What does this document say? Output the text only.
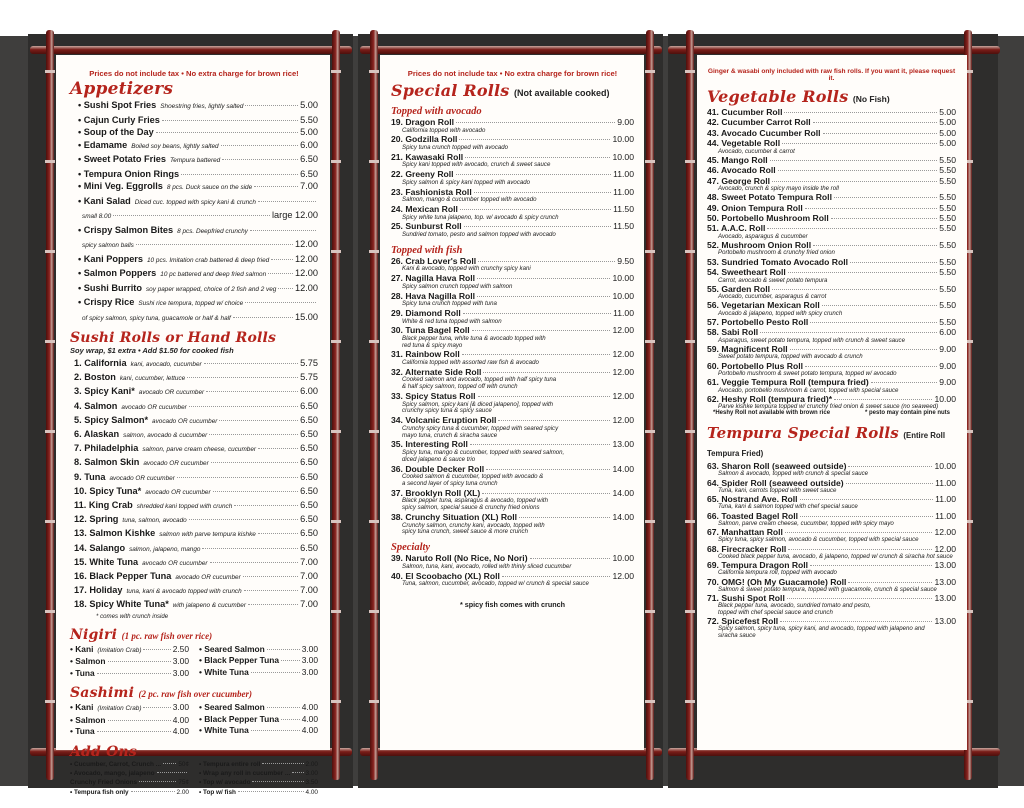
Prices do not include tax • No extra charge for brown rice!
Appetizers
• Sushi Spot Fries Shoestring fries, lightly salted	5.00
• Cajun Curly Fries	5.50
• Soup of the Day	5.00
• Edamame Boiled soy beans, lightly salted	6.00
• Sweet Potato Fries Tempura battered	6.50
• Tempura Onion Rings	6.50
• Mini Veg. Eggrolls 8 pcs. Duck sauce on the side	7.00
• Kani Salad Diced cuc. topped with spicy kani & crunch
small 8.00	large 12.00
• Crispy Salmon Bites 8 pcs. Deepfried crunchy
spicy salmon balls	12.00
• Kani Poppers 10 pcs. Imitation crab battered & deep fried	12.00
• Salmon Poppers 10 pc battered and deep fried salmon	12.00
• Sushi Burrito soy paper wrapped, choice of 2 fish and 2 veg 12.00
• Crispy Rice Sushi rice tempura, topped w/ choice
of spicy salmon, spicy tuna, guacamole or half & half	15.00
Sushi Rolls or Hand Rolls
Soy wrap, $1 extra • Add $1.50 for cooked fish
1. California kani, avocado, cucumber	5.75
2. Boston kani, cucumber, lettuce	5.75
3. Spicy Kani* avocado OR cucumber	6.00
4. Salmon avocado OR cucumber	6.50
5. Spicy Salmon* avocado OR cucumber	6.50
6. Alaskan salmon, avocado & cucumber	6.50
7. Philadelphia salmon, parve cream cheese, cucumber	6.50
8. Salmon Skin avocado OR cucumber	6.50
9. Tuna avocado OR cucumber	6.50
10. Spicy Tuna* avocado OR cucumber	6.50
11. King Crab shredded kani topped with crunch	6.50
12. Spring tuna, salmon, avocado	6.50
13. Salmon Kishke salmon with parve tempura kishke	6.50
14. Salango salmon, jalapeno, mango	6.50
15. White Tuna avocado OR cucumber	7.00
16. Black Pepper Tuna avocado OR cucumber	7.00
17. Holiday tuna, kani & avocado topped with crunch	7.00
18. Spicy White Tuna* with jalapeno & cucumber	7.00
* comes with crunch inside
Nigiri (1 pc. raw fish over rice)
• Kani (Imitation Crab)	2.50
• Salmon	3.00
• Tuna	3.00
• Seared Salmon	3.00
• Black Pepper Tuna	3.00
• White Tuna	3.00
Sashimi (2 pc. raw fish over cucumber)
• Kani (Imitation Crab)	3.00
• Salmon	4.00
• Tuna	4.00
• Seared Salmon	4.00
• Black Pepper Tuna	4.00
• White Tuna	4.00
Add Ons
• Cucumber, Carrot, Crunch ...	50¢
• Avocado, mango, jalapeno
Crunchy Fried Onions	75¢
• Tempura fish only	2.00
• Tempura entire roll	2.00
• Wrap any roll in cucumber ... 3.00
• Top w/ avocado	3.50
• Top w/ fish	4.00
Prices do not include tax • No extra charge for brown rice!
Special Rolls (Not available cooked)
Topped with avocado
19. Dragon Roll	9.00
California topped with avocado
20. Godzilla Roll	10.00
Spicy tuna crunch topped with avocado
21. Kawasaki Roll	10.00
Spicy kani topped with avocado, crunch & sweet sauce
22. Greeny Roll	11.00
Spicy salmon & spicy kani topped with avocado
23. Fashionista Roll	11.00
Salmon, mango & cucumber topped with avocado
24. Mexican Roll	11.50
Spicy white tuna jalapeno, top. w/ avocado & spicy crunch
25. Sunburst Roll	11.50
Sundried tomato, pesto and salmon topped with avocado
Topped with fish
26. Crab Lover's Roll	9.50
Kani & avocado, topped with crunchy spicy kani
27. Nagilla Hava Roll	10.00
Spicy salmon crunch topped with salmon
28. Hava Nagilla Roll	10.00
Spicy tuna crunch topped with tuna
29. Diamond Roll	11.00
White & red tuna topped with salmon
30. Tuna Bagel Roll	12.00
Black pepper tuna, white tuna & avocado topped with
red tuna & spicy mayo
31. Rainbow Roll	12.00
California topped with assorted raw fish & avocado
32. Alternate Side Roll	12.00
Cooked salmon and avocado, topped with half spicy tuna
& half spicy salmon, topped off with crunch
33. Spicy Status Roll	12.00
Spicy salmon, spicy kani [& diced jalapeno], topped with
crunchy spicy tuna & spicy sauce
34. Volcanic Eruption Roll	12.00
Crunchy spicy tuna & cucumber, topped with seared spicy
mayo tuna, crunch & siracha sauce
35. Interesting Roll	13.00
Spicy tuna, mango & cucumber, topped with seared salmon,
diced jalapeno & sauce trio
36. Double Decker Roll	14.00
Cooked salmon & cucumber, topped with avocado &
a second layer of spicy tuna crunch
37. Brooklyn Roll (XL)	14.00
Black pepper tuna, asparagus & avocado, topped with
spicy salmon, special sauce & crunchy fried onions
38. Crunchy Situation (XL) Roll	14.00
Crunchy salmon, crunchy kani, avocado, topped with
spicy tuna crunch, sweet sauce & more crunch
Specialty
39. Naruto Roll (No Rice, No Nori)	10.00
Salmon, tuna, kani, avocado, rolled with thinly sliced cucumber
40. El Scoobacho (XL) Roll	12.00
Tuna, salmon, cucumber, avocado, topped w/ crunch & special sauce
* spicy fish comes with crunch
Ginger & wasabi only included with raw fish rolls. If you want it, please request it.
Vegetable Rolls (No Fish)
41. Cucumber Roll	5.00
42. Cucumber Carrot Roll	5.00
43. Avocado Cucumber Roll	5.00
44. Vegetable Roll	5.00
Avocado, cucumber & carrot
45. Mango Roll	5.50
46. Avocado Roll	5.50
47. George Roll	5.50
Avocado, crunch & spicy mayo inside the roll
48. Sweet Potato Tempura Roll	5.50
49. Onion Tempura Roll	5.50
50. Portobello Mushroom Roll	5.50
51. A.A.C. Roll	5.50
Avocado, asparagus & cucumber
52. Mushroom Onion Roll	5.50
Portobello mushroom & crunchy fried onion
53. Sundried Tomato Avocado Roll	5.50
54. Sweetheart Roll	5.50
Carrot, avocado & sweet potato tempura
55. Garden Roll	5.50
Avocado, cucumber, asparagus & carrot
56. Vegetarian Mexican Roll	5.50
Avocado & jalapeno, topped with spicy crunch
57. Portobello Pesto Roll	5.50
58. Sabi Roll	6.00
Asparagus, sweet potato tempura, topped with crunch & sweet sauce
59. Magnificent Roll	9.00
Sweet potato tempura, topped with avocado & crunch
60. Portobello Plus Roll	9.00
Portobello mushroom & sweet potato tempura, topped w/ avocado
61. Veggie Tempura Roll (tempura fried)	9.00
Avocado, portobello mushroom & carrot, topped with special sauce
62. Heshy Roll (tempura fried)*	10.00
Parve kishke tempura topped w/ crunchy fried onion & sweet sauce (no seaweed)
*Heshy Roll not available with brown rice	* pesto may contain pine nuts
Tempura Special Rolls (Entire Roll Tempura Fried)
63. Sharon Roll (seaweed outside)	10.00
Salmon & avocado, topped with crunch & special sauce
64. Spider Roll (seaweed outside)	11.00
Tuna, kani, carrots topped with sweet sauce
65. Nostrand Ave. Roll	11.00
Tuna, kani & salmon topped with chef special sauce
66. Toasted Bagel Roll	11.00
Salmon, parve cream cheese, cucumber, topped with spicy mayo
67. Manhattan Roll	12.00
Spicy tuna, spicy salmon, avocado & cucumber, topped with special sauce
68. Firecracker Roll	12.00
Cooked black pepper tuna, avocado, & jalapeno, topped w/ crunch & siracha hot sauce
69. Tempura Dragon Roll	13.00
California tempura roll, topped with avocado
70. OMG! (Oh My Guacamole) Roll	13.00
Salmon & sweet potato tempura, topped with guacamole, crunch & special sauce
71. Sushi Spot Roll	13.00
Black pepper tuna, avocado, sundried tomato and pesto,
topped with chef special sauce and crunch
72. Spicefest Roll	13.00
Spicy salmon, spicy tuna, spicy kani, and avocado, topped with jalapeno and
siracha sauce
